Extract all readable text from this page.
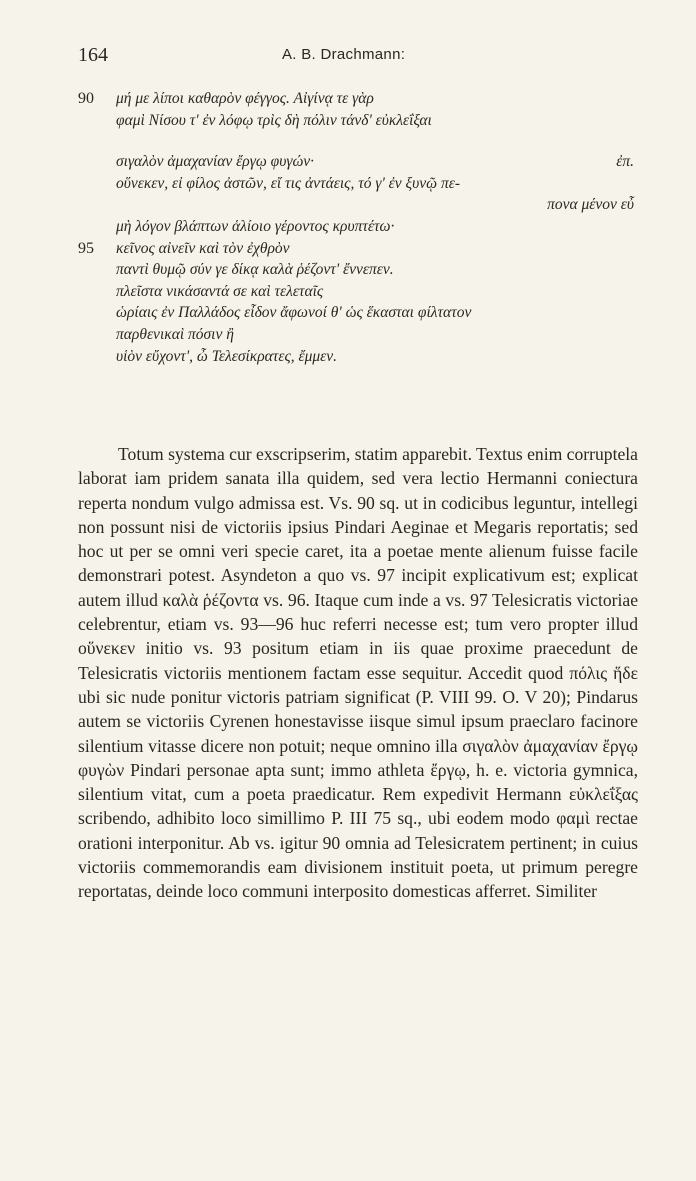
164	A. B. Drachmann:
90 μή με λίποι καθαρὸν φέγγος. Αἰγίνᾳ τε γὰρ
φαμὶ Νίσου τ' ἐν λόφῳ τρὶς δὴ πόλιν τάνδ' εὐκλεΐξαι
σιγαλὸν ἀμαχανίαν ἔργῳ φυγών·	ἐπ.
οὕνεκεν, εἰ φίλος ἀστῶν, εἴ τις ἀντάεις, τό γ' ἐν ξυνῷ πε-
πονα μένον εὖ
μὴ λόγον βλάπτων ἁλίοιο γέροντος κρυπτέτω·
95 κεῖνος αἰνεῖν καὶ τὸν ἐχθρὸν
παντὶ θυμῷ σύν γε δίκᾳ καλὰ ῥέζοντ' ἔννεπεν.
πλεῖστα νικάσαντά σε καὶ τελεταῖς
ὡρίαις ἐν Παλλάδος εἶδον ἄφωνοί θ' ὡς ἕκασται φίλτατον
παρθενικαὶ πόσιν ἢ
υἱὸν εὔχοντ', ὦ Τελεσίκρατες, ἔμμεν.

Totum systema cur exscripserim, statim apparebit. Textus enim corruptela laborat iam pridem sanata illa quidem, sed vera lectio Hermanni coniectura reperta nondum vulgo admissa est. Vs. 90 sq. ut in codicibus leguntur, intellegi non possunt nisi de victoriis ipsius Pindari Aeginae et Megaris reportatis; sed hoc ut per se omni veri specie caret, ita a poetae mente alienum fuisse facile demonstrari potest. Asyndeton a quo vs. 97 incipit explicativum est; explicat autem illud καλὰ ῥέζοντα vs. 96. Itaque cum inde a vs. 97 Telesicratis victoriae celebrentur, etiam vs. 93—96 huc referri necesse est; tum vero propter illud οὕνεκεν initio vs. 93 positum etiam in iis quae proxime praecedunt de Telesicratis victoriis mentionem factam esse sequitur. Accedit quod πόλις ἥδε ubi sic nude ponitur victoris patriam significat (P. VIII 99. O. V 20); Pindarus autem se victoriis Cyrenen honestavisse iisque simul ipsum praeclaro facinore silentium vitasse dicere non potuit; neque omnino illa σιγαλὸν ἀμαχανίαν ἔργῳ φυγὼν Pindari personae apta sunt; immo athleta ἔργῳ, h. e. victoria gymnica, silentium vitat, cum a poeta praedicatur. Rem expedivit Hermann εὐκλεΐξας scribendo, adhibito loco simillimo P. III 75 sq., ubi eodem modo φαμὶ rectae orationi interponitur. Ab vs. igitur 90 omnia ad Telesicratem pertinent; in cuius victoriis commemorandis eam divisionem instituit poeta, ut primum peregre reportatas, deinde loco communi interposito domesticas afferret. Similiter
